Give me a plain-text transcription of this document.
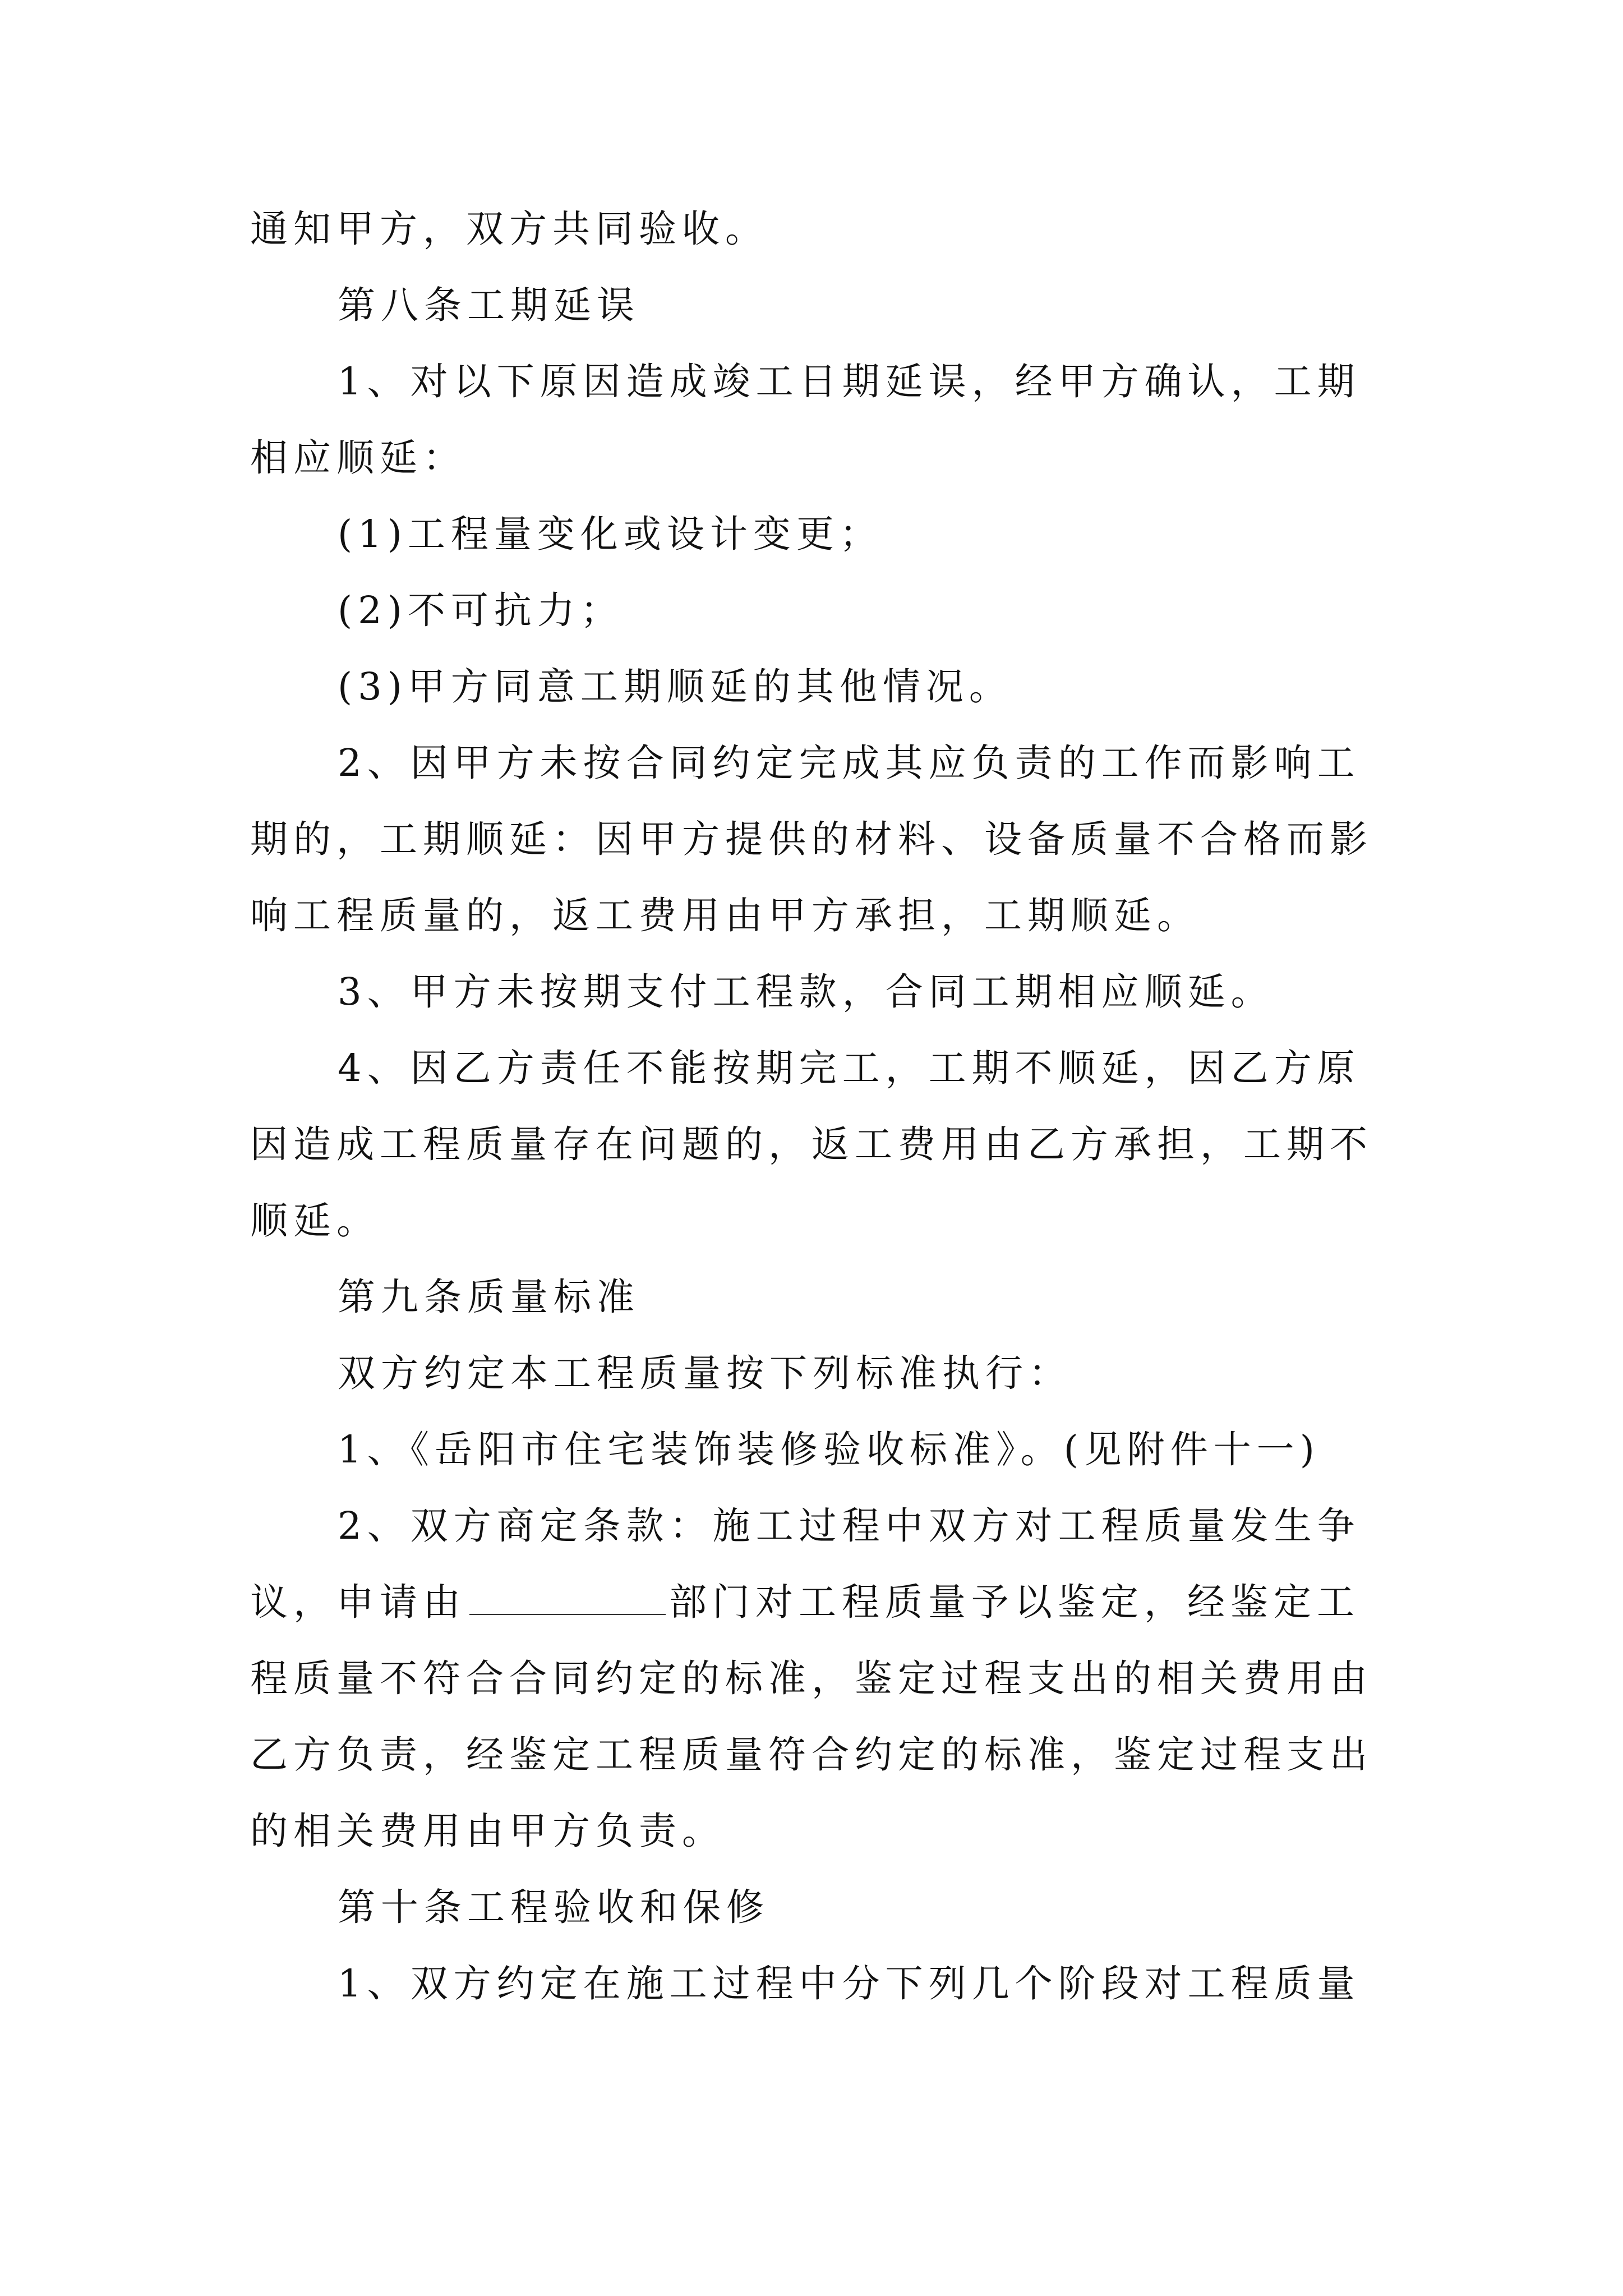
通知甲方，双方共同验收。
第八条工期延误
1、对以下原因造成竣工日期延误，经甲方确认，工期
相应顺延：
(1)工程量变化或设计变更；
(2)不可抗力；
(3)甲方同意工期顺延的其他情况。
2、因甲方未按合同约定完成其应负责的工作而影响工
期的，工期顺延：因甲方提供的材料、设备质量不合格而影
响工程质量的，返工费用由甲方承担，工期顺延。
3、甲方未按期支付工程款，合同工期相应顺延。
4、因乙方责任不能按期完工，工期不顺延，因乙方原
因造成工程质量存在问题的，返工费用由乙方承担，工期不
顺延。
第九条质量标准
双方约定本工程质量按下列标准执行：
1、《岳阳市住宅装饰装修验收标准》。(见附件十一)
2、双方商定条款：施工过程中双方对工程质量发生争
议，申请由	部门对工程质量予以鉴定，经鉴定工
程质量不符合合同约定的标准，鉴定过程支出的相关费用由
乙方负责，经鉴定工程质量符合约定的标准，鉴定过程支出
的相关费用由甲方负责。
第十条工程验收和保修
1、双方约定在施工过程中分下列几个阶段对工程质量
